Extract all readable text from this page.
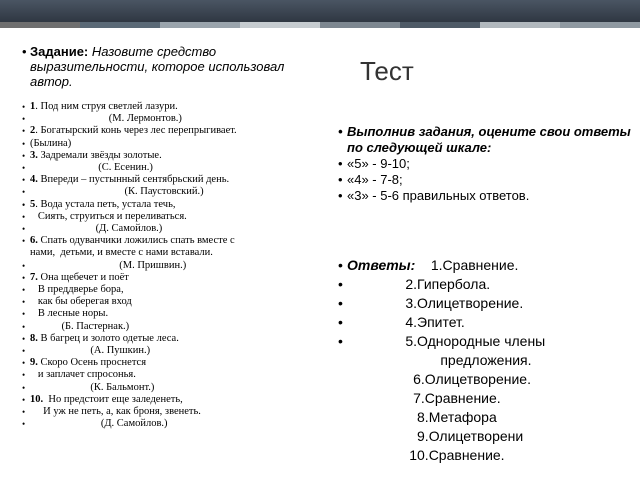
Тест
• Задание: Назовите средство выразительности, которое использовал автор.
• 1. Под ним струя светлей лазури.
•                               (М. Лермонтов.)
• 2. Богатырский конь через лес перепрыгивает.
(Былина)
• 3. Задремали звёзды золотые.
•                           (С. Есенин.)
• 4. Впереди – пустынный сентябрьский день.
•                                     (К. Паустовский.)
• 5. Вода устала петь, устала течь,
•    Сиять, струиться и переливаться.
•                          (Д. Самойлов.)
• 6. Спать одуванчики ложились спать вместе с
нами,  детьми, и вместе с нами вставали.
•                                   (М. Пришвин.)
• 7. Она щебечет и поёт
•    В преддверье бора,
•    как бы оберегая вход
•    В лесные норы.
•             (Б. Пастернак.)
• 8. В багрец и золото одетые леса.
•                        (А. Пушкин.)
• 9. Скоро Осень проснется
•    и заплачет спросонья.
•                        (К. Бальмонт.)
• 10.  Но предстоит еще заледенеть,
•      И уж не петь, а, как броня, звенеть.
•                            (Д. Самойлов.)
• Выполнив задания, оцените свои ответы по следующей шкале:
• «5» - 9-10;
• «4» - 7-8;
• «3» - 5-6 правильных ответов.
• Ответы:    1.Сравнение.
•                2.Гипербола.
•                3.Олицетворение.
•                4.Эпитет.
•                5.Однородные члены
предложения.
6.Олицетворение.
7.Сравнение.
8.Метафора
9.Олицетворени
10.Сравнение.
